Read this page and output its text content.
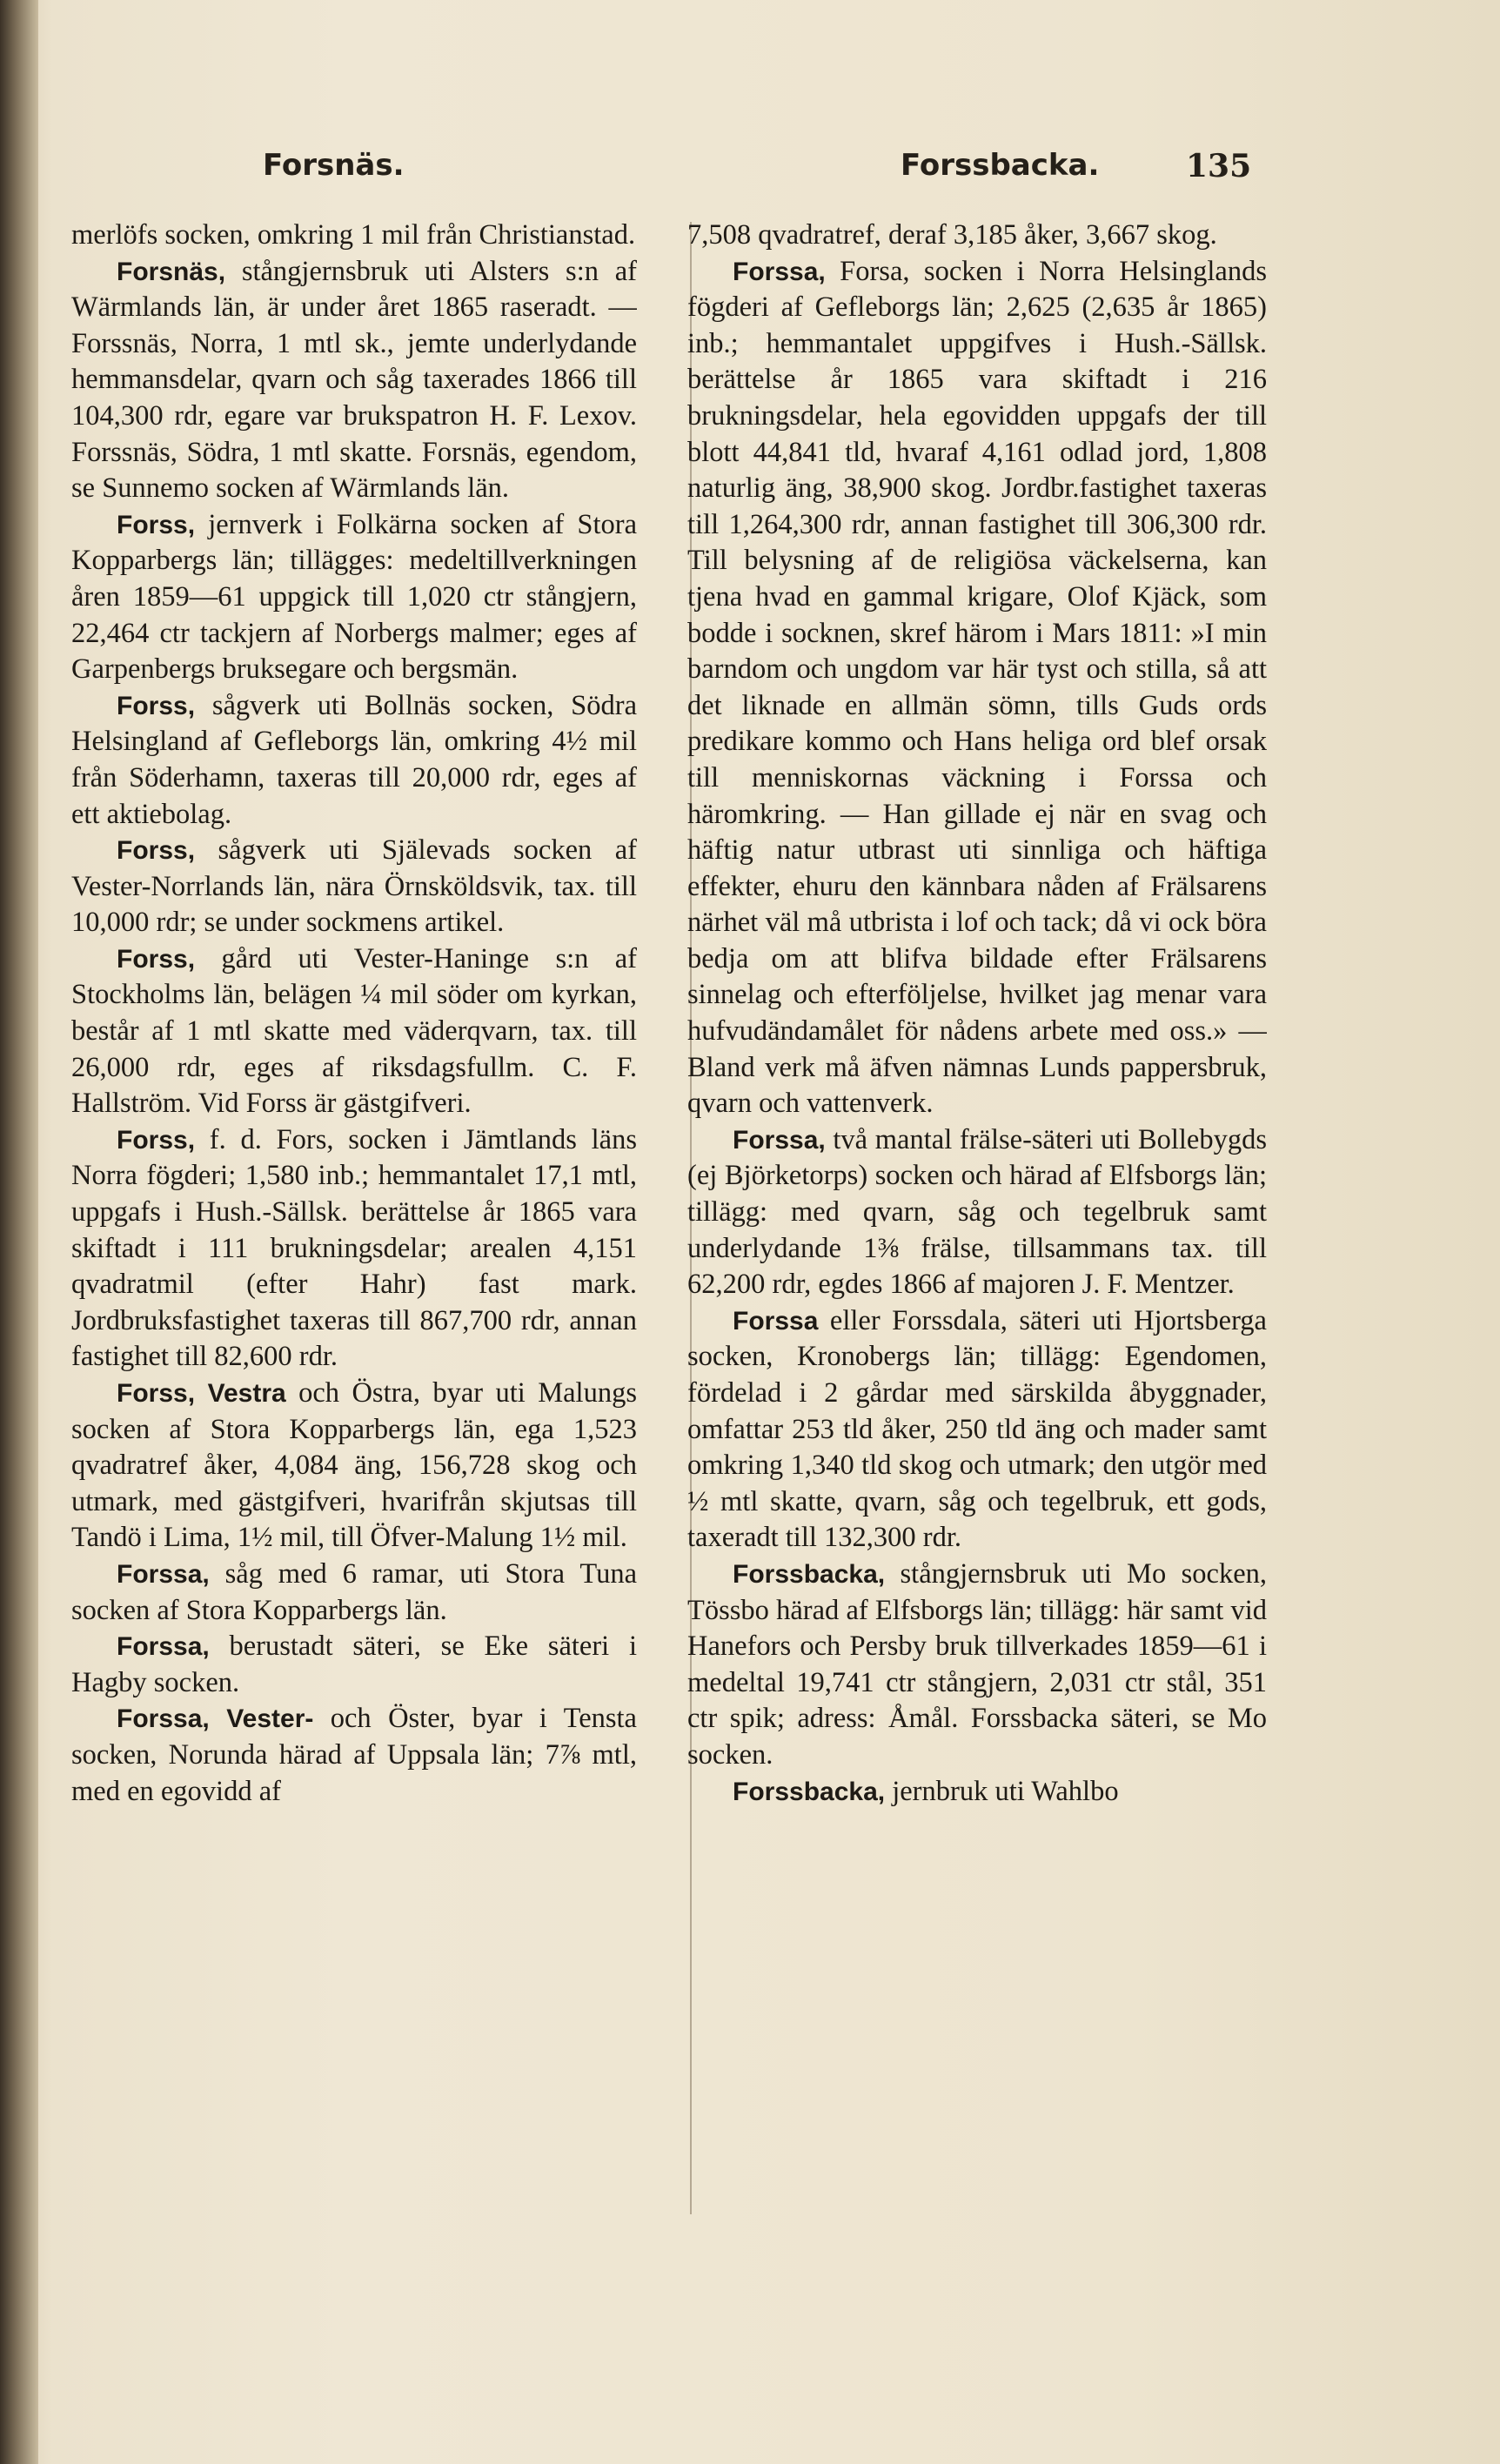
Forsnäs.	Forssbacka.	135

merlöfs socken, omkring 1 mil från Christianstad.

Forsnäs, stångjernsbruk uti Alsters s:n af Wärmlands län, är under året 1865 raseradt. — Forssnäs, Norra, 1 mtl sk., jemte underlydande hemmansdelar, qvarn och såg taxerades 1866 till 104,300 rdr, egare var brukspatron H. F. Lexov. Forssnäs, Södra, 1 mtl skatte. Forsnäs, egendom, se Sunnemo socken af Wärmlands län.

Forss, jernverk i Folkärna socken af Stora Kopparbergs län; tillägges: medeltillverkningen åren 1859—61 uppgick till 1,020 ctr stångjern, 22,464 ctr tackjern af Norbergs malmer; eges af Garpenbergs bruksegare och bergsmän.

Forss, sågverk uti Bollnäs socken, Södra Helsingland af Gefleborgs län, omkring 4½ mil från Söderhamn, taxeras till 20,000 rdr, eges af ett aktiebolag.

Forss, sågverk uti Själevads socken af Vester-Norrlands län, nära Örnsköldsvik, tax. till 10,000 rdr; se under sockmens artikel.

Forss, gård uti Vester-Haninge s:n af Stockholms län, belägen ¼ mil söder om kyrkan, består af 1 mtl skatte med väderqvarn, tax. till 26,000 rdr, eges af riksdagsfullm. C. F. Hallström. Vid Forss är gästgifveri.

Forss, f. d. Fors, socken i Jämtlands läns Norra fögderi; 1,580 inb.; hemmantalet 17,1 mtl, uppgafs i Hush.-Sällsk. berättelse år 1865 vara skiftadt i 111 brukningsdelar; arealen 4,151 qvadratmil (efter Hahr) fast mark. Jordbruksfastighet taxeras till 867,700 rdr, annan fastighet till 82,600 rdr.

Forss, Vestra och Östra, byar uti Malungs socken af Stora Kopparbergs län, ega 1,523 qvadratref åker, 4,084 äng, 156,728 skog och utmark, med gästgifveri, hvarifrån skjutsas till Tandö i Lima, 1½ mil, till Öfver-Malung 1½ mil.

Forssa, såg med 6 ramar, uti Stora Tuna socken af Stora Kopparbergs län.

Forssa, berustadt säteri, se Eke säteri i Hagby socken.

Forssa, Vester- och Öster, byar i Tensta socken, Norunda härad af Uppsala län; 7⅞ mtl, med en egovidd af

7,508 qvadratref, deraf 3,185 åker, 3,667 skog.

Forssa, Forsa, socken i Norra Helsinglands fögderi af Gefleborgs län; 2,625 (2,635 år 1865) inb.; hemmantalet uppgifves i Hush.-Sällsk. berättelse år 1865 vara skiftadt i 216 brukningsdelar, hela egovidden uppgafs der till blott 44,841 tld, hvaraf 4,161 odlad jord, 1,808 naturlig äng, 38,900 skog. Jordbr.fastighet taxeras till 1,264,300 rdr, annan fastighet till 306,300 rdr. Till belysning af de religiösa väckelserna, kan tjena hvad en gammal krigare, Olof Kjäck, som bodde i socknen, skref härom i Mars 1811: »I min barndom och ungdom var här tyst och stilla, så att det liknade en allmän sömn, tills Guds ords predikare kommo och Hans heliga ord blef orsak till menniskornas väckning i Forssa och häromkring. — Han gillade ej när en svag och häftig natur utbrast uti sinnliga och häftiga effekter, ehuru den kännbara nåden af Frälsarens närhet väl må utbrista i lof och tack; då vi ock böra bedja om att blifva bildade efter Frälsarens sinnelag och efterföljelse, hvilket jag menar vara hufvudändamålet för nådens arbete med oss.» — Bland verk må äfven nämnas Lunds pappersbruk, qvarn och vattenverk.

Forssa, två mantal frälse-säteri uti Bollebygds (ej Björketorps) socken och härad af Elfsborgs län; tillägg: med qvarn, såg och tegelbruk samt underlydande 1⅜ frälse, tillsammans tax. till 62,200 rdr, egdes 1866 af majoren J. F. Mentzer.

Forssa eller Forssdala, säteri uti Hjortsberga socken, Kronobergs län; tillägg: Egendomen, fördelad i 2 gårdar med särskilda åbyggnader, omfattar 253 tld åker, 250 tld äng och mader samt omkring 1,340 tld skog och utmark; den utgör med ½ mtl skatte, qvarn, såg och tegelbruk, ett gods, taxeradt till 132,300 rdr.

Forssbacka, stångjernsbruk uti Mo socken, Tössbo härad af Elfsborgs län; tillägg: här samt vid Hanefors och Persby bruk tillverkades 1859—61 i medeltal 19,741 ctr stångjern, 2,031 ctr stål, 351 ctr spik; adress: Åmål. Forssbacka säteri, se Mo socken.

Forssbacka, jernbruk uti Wahlbo
